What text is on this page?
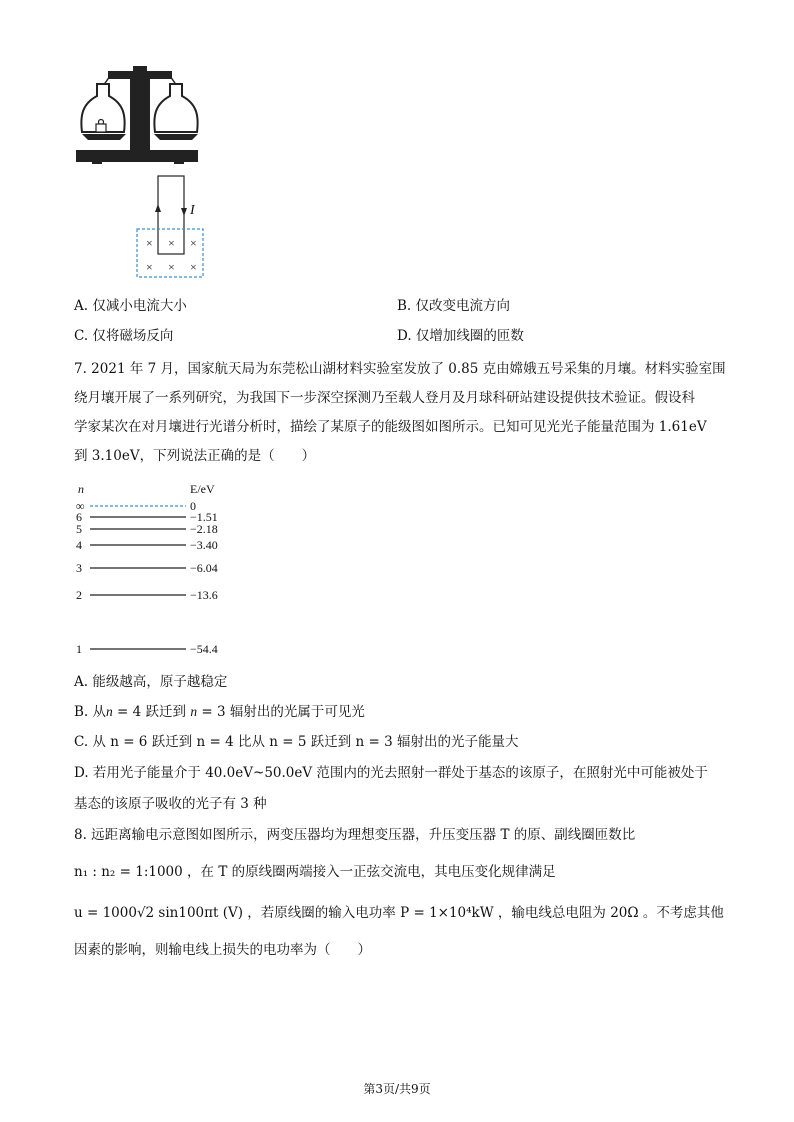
I
× × ×
× × ×
A. 仅减小电流大小	B. 仅改变电流方向
C. 仅将磁场反向	D. 仅增加线圈的匝数
7. 2021 年 7 月，国家航天局为东莞松山湖材料实验室发放了 0.85 克由嫦娥五号采集的月壤。材料实验室围
绕月壤开展了一系列研究，为我国下一步深空探测乃至载人登月及月球科研站建设提供技术验证。假设科
学家某次在对月壤进行光谱分析时，描绘了某原子的能级图如图所示。已知可见光光子能量范围为 1.61eV
到 3.10eV，下列说法正确的是（　　）
n	E/eV
∞	0
6	−1.51
5	−2.18
4	−3.40
3	−6.04
2	−13.6
1	−54.4
A. 能级越高，原子越稳定
B. 从n = 4 跃迁到 n = 3 辐射出的光属于可见光
C. 从 n = 6 跃迁到 n = 4 比从 n = 5 跃迁到 n = 3 辐射出的光子能量大
D. 若用光子能量介于 40.0eV~50.0eV 范围内的光去照射一群处于基态的该原子，在照射光中可能被处于
基态的该原子吸收的光子有 3 种
8. 远距离输电示意图如图所示，两变压器均为理想变压器，升压变压器 T 的原、副线圈匝数比
n₁ : n₂ = 1:1000 ，在 T 的原线圈两端接入一正弦交流电，其电压变化规律满足
u = 1000√2 sin100πt (V) ，若原线圈的输入电功率 P = 1×10⁴kW ，输电线总电阻为 20Ω 。不考虑其他
因素的影响，则输电线上损失的电功率为（　　）
第3页/共9页
